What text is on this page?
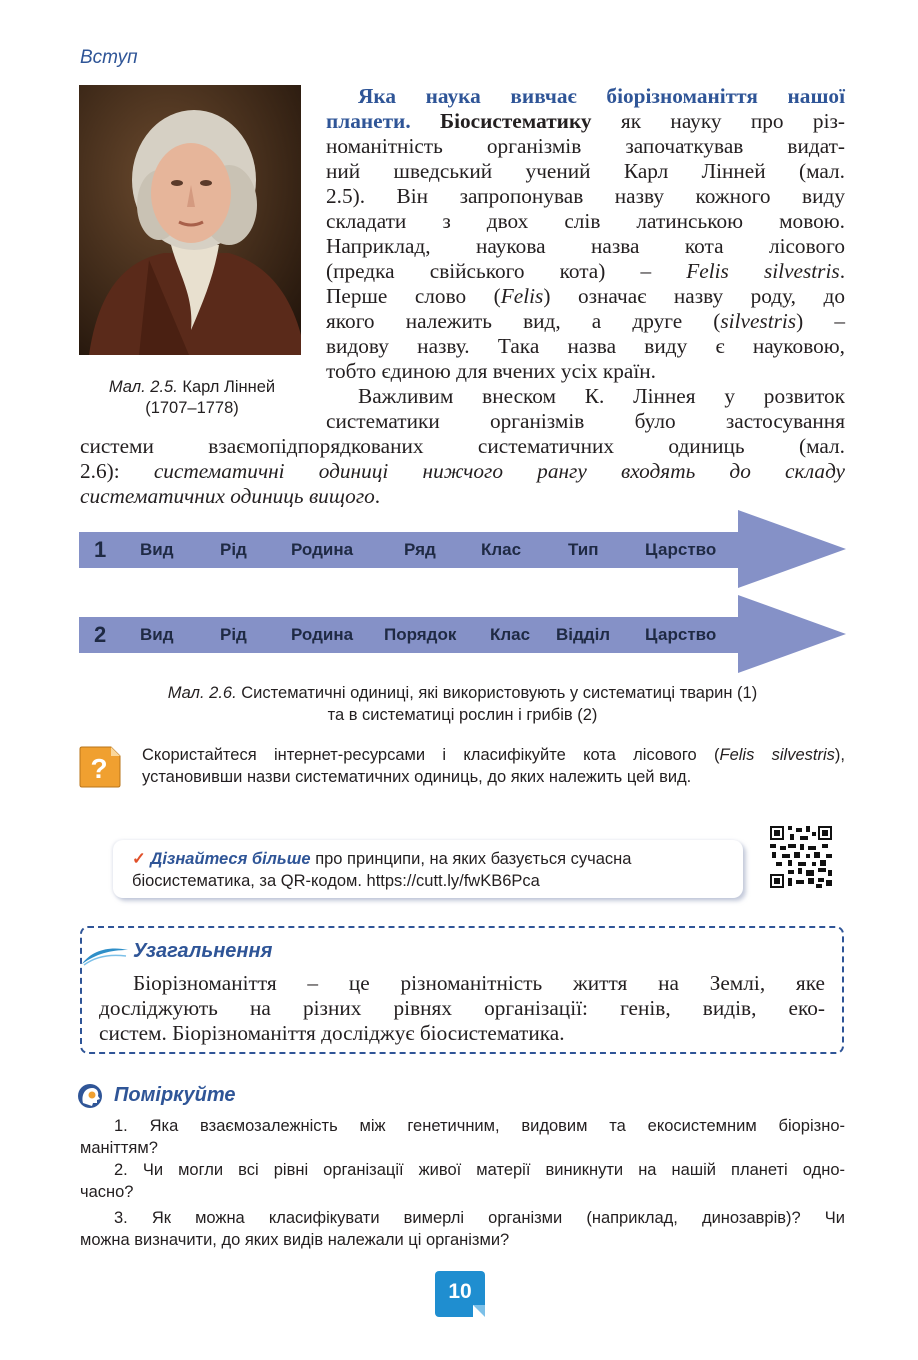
Вступ
Мал. 2.5. Карл Лінней
(1707–1778)
Яка наука вивчає біорізноманіття нашої
планети. Біосистематику як науку про різ-
номанітність організмів започаткував видат-
ний шведський учений Карл Лінней (мал.
2.5). Він запропонував назву кожного виду
складати з двох слів латинською мовою.
Наприклад, наукова назва кота лісового
(предка свійського кота) – Felis silvestris.
Перше слово (Felis) означає назву роду, до
якого належить вид, а друге (silvestris) –
видову назву. Така назва виду є науковою,
тобто єдиною для вчених усіх країн.
Важливим внеском К. Ліннея у розвиток
систематики організмів було застосування
системи взаємопідпорядкованих систематичних одиниць (мал.
2.6): систематичні одиниці нижчого рангу входять до складу
систематичних одиниць вищого.
1 Вид	Рід	Родина	Ряд	Клас	Тип	Царство
2 Вид	Рід	Родина Порядок Клас Відділ Царство
Мал. 2.6. Систематичні одиниці, які використовують у систематиці тварин (1)
та в систематиці рослин і грибів (2)
? Скористайтеся інтернет-ресурсами і класифікуйте кота лісового (Felis silvestris), установивши назви систематичних одиниць, до яких належить цей вид.
✓ Дізнайтеся більше про принципи, на яких базується сучасна
біосистематика, за QR-кодом. https://cutt.ly/fwKB6Pca
Узагальнення
Біорізноманіття – це різноманітність життя на Землі, яке
досліджують на різних рівнях організації: генів, видів, еко-
систем. Біорізноманіття досліджує біосистематика.
Поміркуйте
1. Яка взаємозалежність між генетичним, видовим та екосистемним біорізно-
маніттям?
2. Чи могли всі рівні організації живої матерії виникнути на нашій планеті одно-
часно?
3. Як можна класифікувати вимерлі організми (наприклад, динозаврів)? Чи
можна визначити, до яких видів належали ці організми?
10
